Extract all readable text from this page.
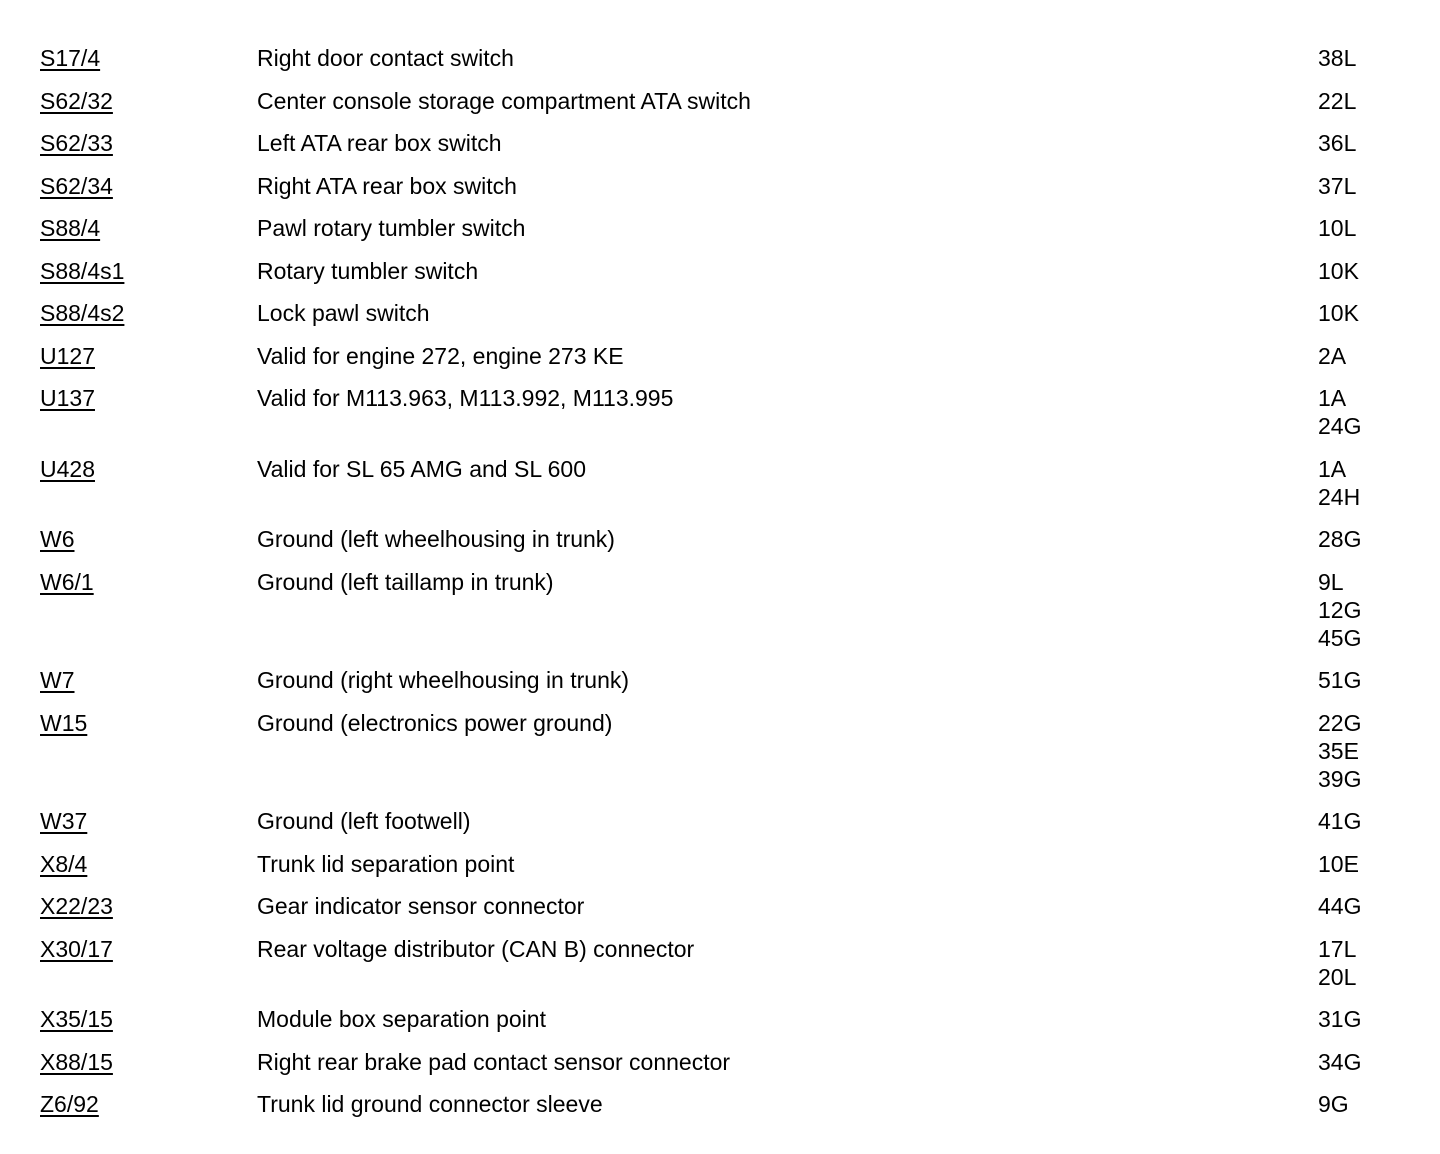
S17/4	Right door contact switch	38L
S62/32	Center console storage compartment ATA switch	22L
S62/33	Left ATA rear box switch	36L
S62/34	Right ATA rear box switch	37L
S88/4	Pawl rotary tumbler switch	10L
S88/4s1	Rotary tumbler switch	10K
S88/4s2	Lock pawl switch	10K
U127	Valid for engine 272, engine 273 KE	2A
U137	Valid for M113.963, M113.992, M113.995	1A
24G
U428	Valid for SL 65 AMG and SL 600	1A
24H
W6	Ground (left wheelhousing in trunk)	28G
W6/1	Ground (left taillamp in trunk)	9L
12G
45G
W7	Ground (right wheelhousing in trunk)	51G
W15	Ground (electronics power ground)	22G
35E
39G
W37	Ground (left footwell)	41G
X8/4	Trunk lid separation point	10E
X22/23	Gear indicator sensor connector	44G
X30/17	Rear voltage distributor (CAN B) connector	17L
20L
X35/15	Module box separation point	31G
X88/15	Right rear brake pad contact sensor connector	34G
Z6/92	Trunk lid ground connector sleeve	9G
